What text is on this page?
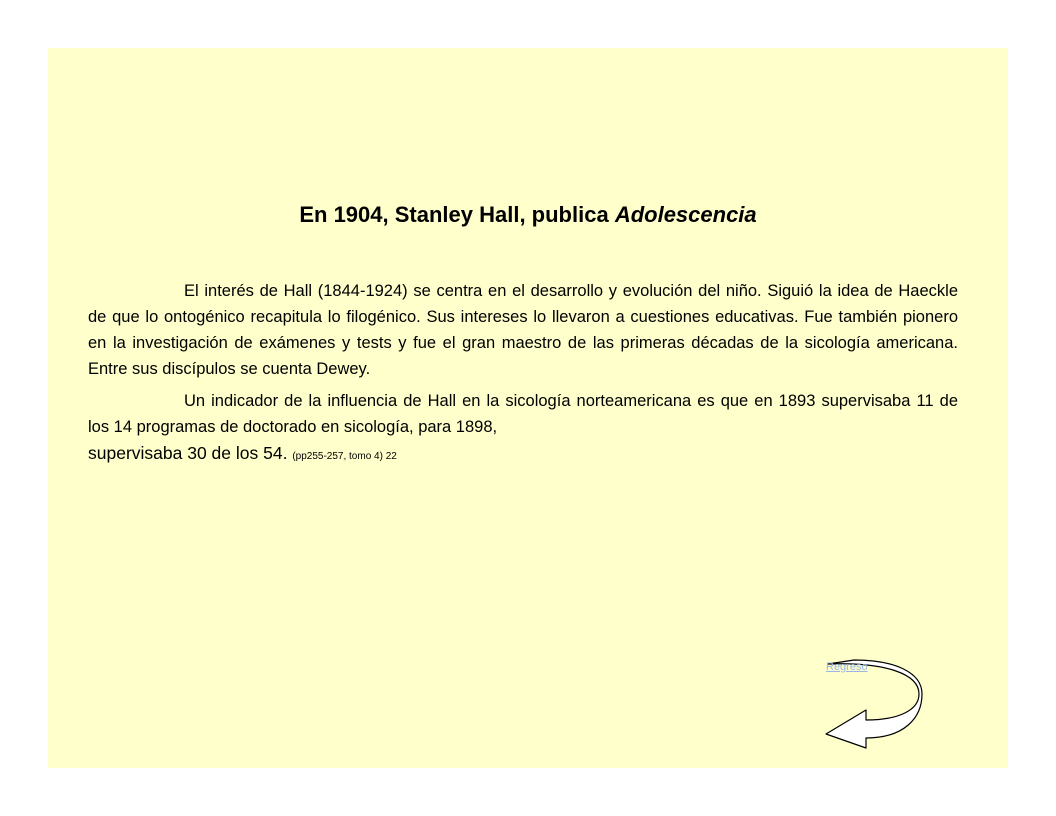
En 1904, Stanley Hall, publica Adolescencia

El interés de Hall (1844-1924) se centra en el desarrollo y evolución del niño. Siguió la idea de Haeckle de que lo ontogénico recapitula lo filogénico. Sus intereses lo llevaron a cuestiones educativas. Fue también pionero en la investigación de exámenes y tests y fue el gran maestro de las primeras décadas de la sicología americana. Entre sus discípulos se cuenta Dewey.

Un indicador de la influencia de Hall en la sicología norteamericana es que en 1893 supervisaba 11 de los 14 programas de doctorado en sicología, para 1898,
supervisaba 30 de los 54. (pp255-257, tomo 4) 22

Regreso
